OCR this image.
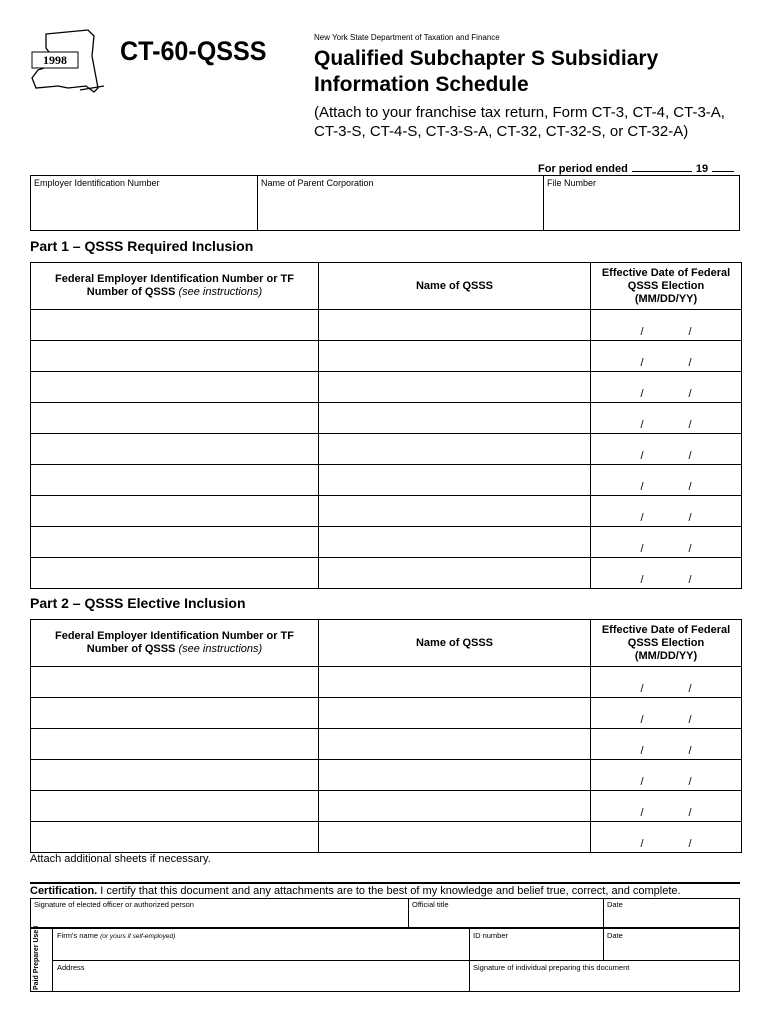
1998 CT-60-QSSS	New York State Department of Taxation and Finance
Qualified Subchapter S Subsidiary
Information Schedule
(Attach to your franchise tax return, Form CT-3, CT-4, CT-3-A, CT-3-S, CT-4-S, CT-3-S-A, CT-32, CT-32-S, or CT-32-A)
For period ended	19
Employer Identification Number	Name of Parent Corporation	File Number
Part 1 – QSSS Required Inclusion
Federal Employer Identification Number or TF Number of QSSS (see instructions)	Name of QSSS	Effective Date of Federal QSSS Election (MM/DD/YY)
		/ /
		/ /
		/ /
		/ /
		/ /
		/ /
		/ /
		/ /
		/ /
Part 2 – QSSS Elective Inclusion
Federal Employer Identification Number or TF Number of QSSS (see instructions)	Name of QSSS	Effective Date of Federal QSSS Election (MM/DD/YY)
		/ /
		/ /
		/ /
		/ /
		/ /
		/ /
Attach additional sheets if necessary.
Certification. I certify that this document and any attachments are to the best of my knowledge and belief true, correct, and complete.
Signature of elected officer or authorized person	Official title	Date
Paid Preparer Use Only Firm's name (or yours if self-employed)	ID number	Date
Address	Signature of individual preparing this document
